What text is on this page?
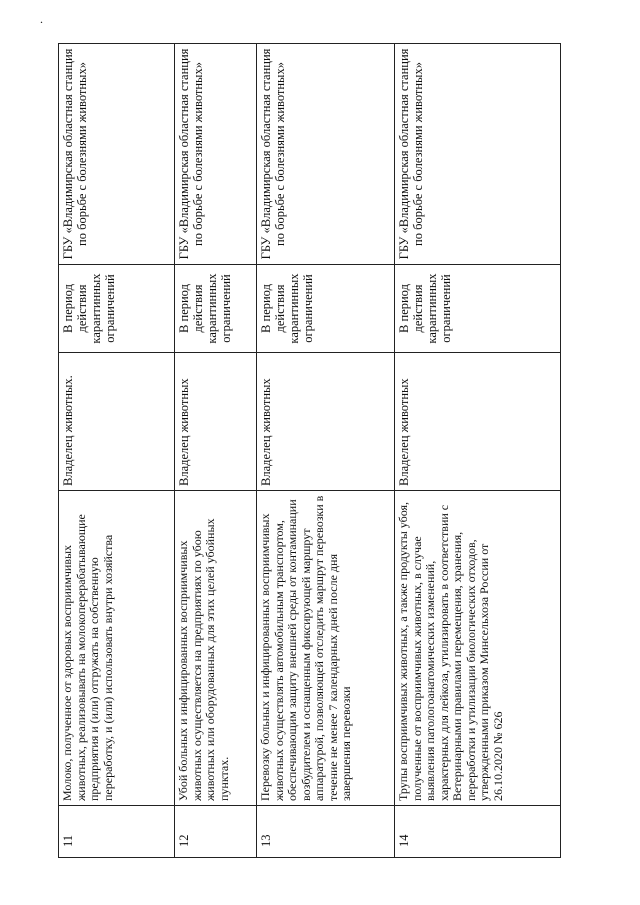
.
11	Молоко, полученное от здоровых восприимчивых животных, реализовывать на молокоперерабатывающие предприятия и (или) отгружать на собственную переработку, и (или) использовать внутри хозяйства	Владелец животных.	В период действия карантинных ограничений	ГБУ «Владимирская областная станция по борьбе с болезнями животных»
12	Убой больных и инфицированных восприимчивых животных осуществляется на предприятиях по убою животных или оборудованных для этих целей убойных пунктах.	Владелец животных	В период действия карантинных ограничений	ГБУ «Владимирская областная станция по борьбе с болезнями животных»
13	Перевозку больных и инфицированных восприимчивых животных осуществлять автомобильным транспортом, обеспечивающим защиту внешней среды от контаминации возбудителем и оснащенным фиксирующей маршрут аппаратурой, позволяющей отследить маршрут перевозки в течение не менее 7 календарных дней после дня завершения перевозки	Владелец животных	В период действия карантинных ограничений	ГБУ «Владимирская областная станция по борьбе с болезнями животных»
14	Трупы восприимчивых животных, а также продукты убоя, полученные от восприимчивых животных, в случае выявления патологоанатомических изменений, характерных для лейкоза, утилизировать в соответствии с Ветеринарными правилами перемещения, хранения, переработки и утилизации биологических отходов, утвержденными приказом Минсельхоза России от 26.10.2020 № 626	Владелец животных	В период действия карантинных ограничений	ГБУ «Владимирская областная станция по борьбе с болезнями животных»
